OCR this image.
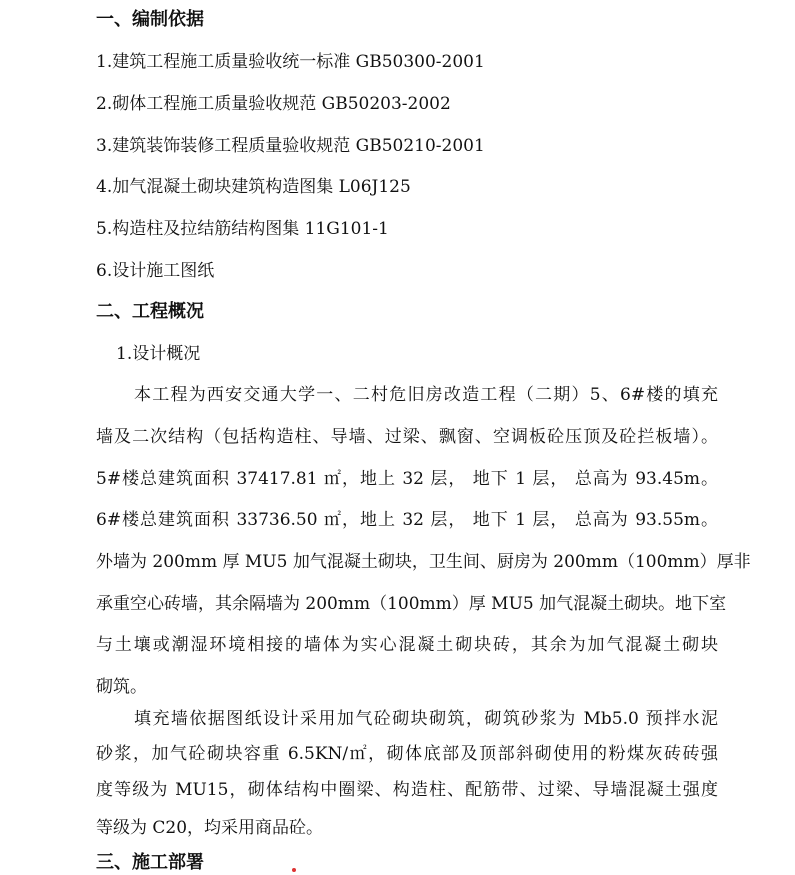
一、编制依据
1.建筑工程施工质量验收统一标准 GB50300-2001
2.砌体工程施工质量验收规范 GB50203-2002
3.建筑装饰装修工程质量验收规范 GB50210-2001
4.加气混凝土砌块建筑构造图集 L06J125
5.构造柱及拉结筋结构图集 11G101-1
6.设计施工图纸
二、工程概况
1.设计概况
本工程为西安交通大学一、二村危旧房改造工程（二期）5、6#楼的填充
墙及二次结构（包括构造柱、导墙、过梁、飘窗、空调板砼压顶及砼拦板墙）。
5#楼总建筑面积 37417.81 ㎡，地上 32 层， 地下 1 层， 总高为 93.45m。
6#楼总建筑面积 33736.50 ㎡，地上 32 层， 地下 1 层， 总高为 93.55m。
外墙为 200mm 厚 MU5 加气混凝土砌块，卫生间、厨房为 200mm（100mm）厚非
承重空心砖墙，其余隔墙为 200mm（100mm）厚 MU5 加气混凝土砌块。地下室
与土壤或潮湿环境相接的墙体为实心混凝土砌块砖，其余为加气混凝土砌块
砌筑。
填充墙依据图纸设计采用加气砼砌块砌筑，砌筑砂浆为 Mb5.0 预拌水泥
砂浆，加气砼砌块容重 6.5KN/㎡，砌体底部及顶部斜砌使用的粉煤灰砖砖强
度等级为 MU15，砌体结构中圈梁、构造柱、配筋带、过梁、导墙混凝土强度
等级为 C20，均采用商品砼。
三、施工部署
